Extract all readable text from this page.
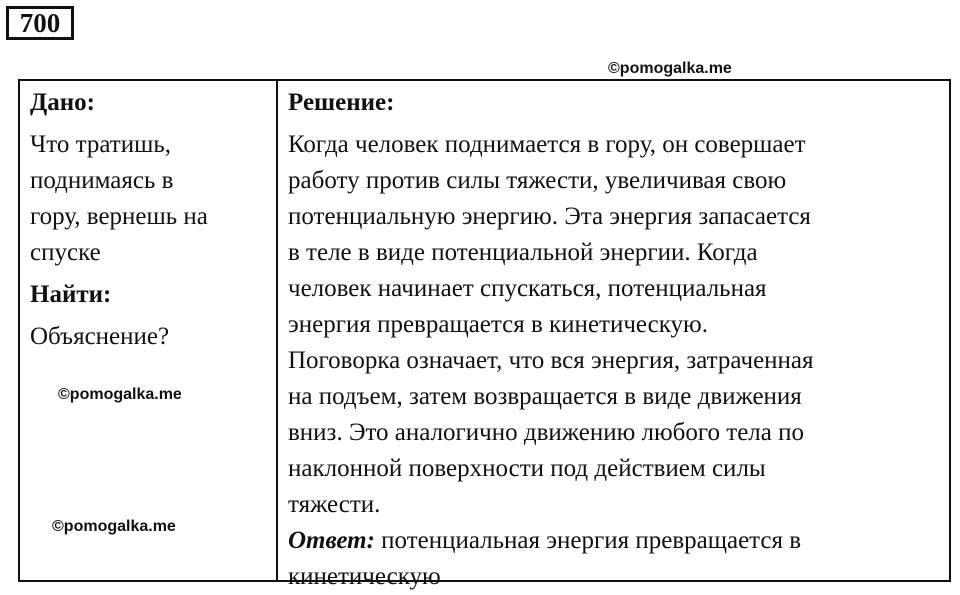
700
©pomogalka.me
Дано:
Что тратишь,
поднимаясь в
гору, вернешь на
спуске
Найти:
Объяснение?
Решение:
Когда человек поднимается в гору, он совершает
работу против силы тяжести, увеличивая свою
потенциальную энергию. Эта энергия запасается
в теле в виде потенциальной энергии. Когда
человек начинает спускаться, потенциальная
энергия превращается в кинетическую.
Поговорка означает, что вся энергия, затраченная
на подъем, затем возвращается в виде движения
вниз. Это аналогично движению любого тела по
наклонной поверхности под действием силы
тяжести.
Ответ: потенциальная энергия превращается в
кинетическую
©pomogalka.me
©pomogalka.me
